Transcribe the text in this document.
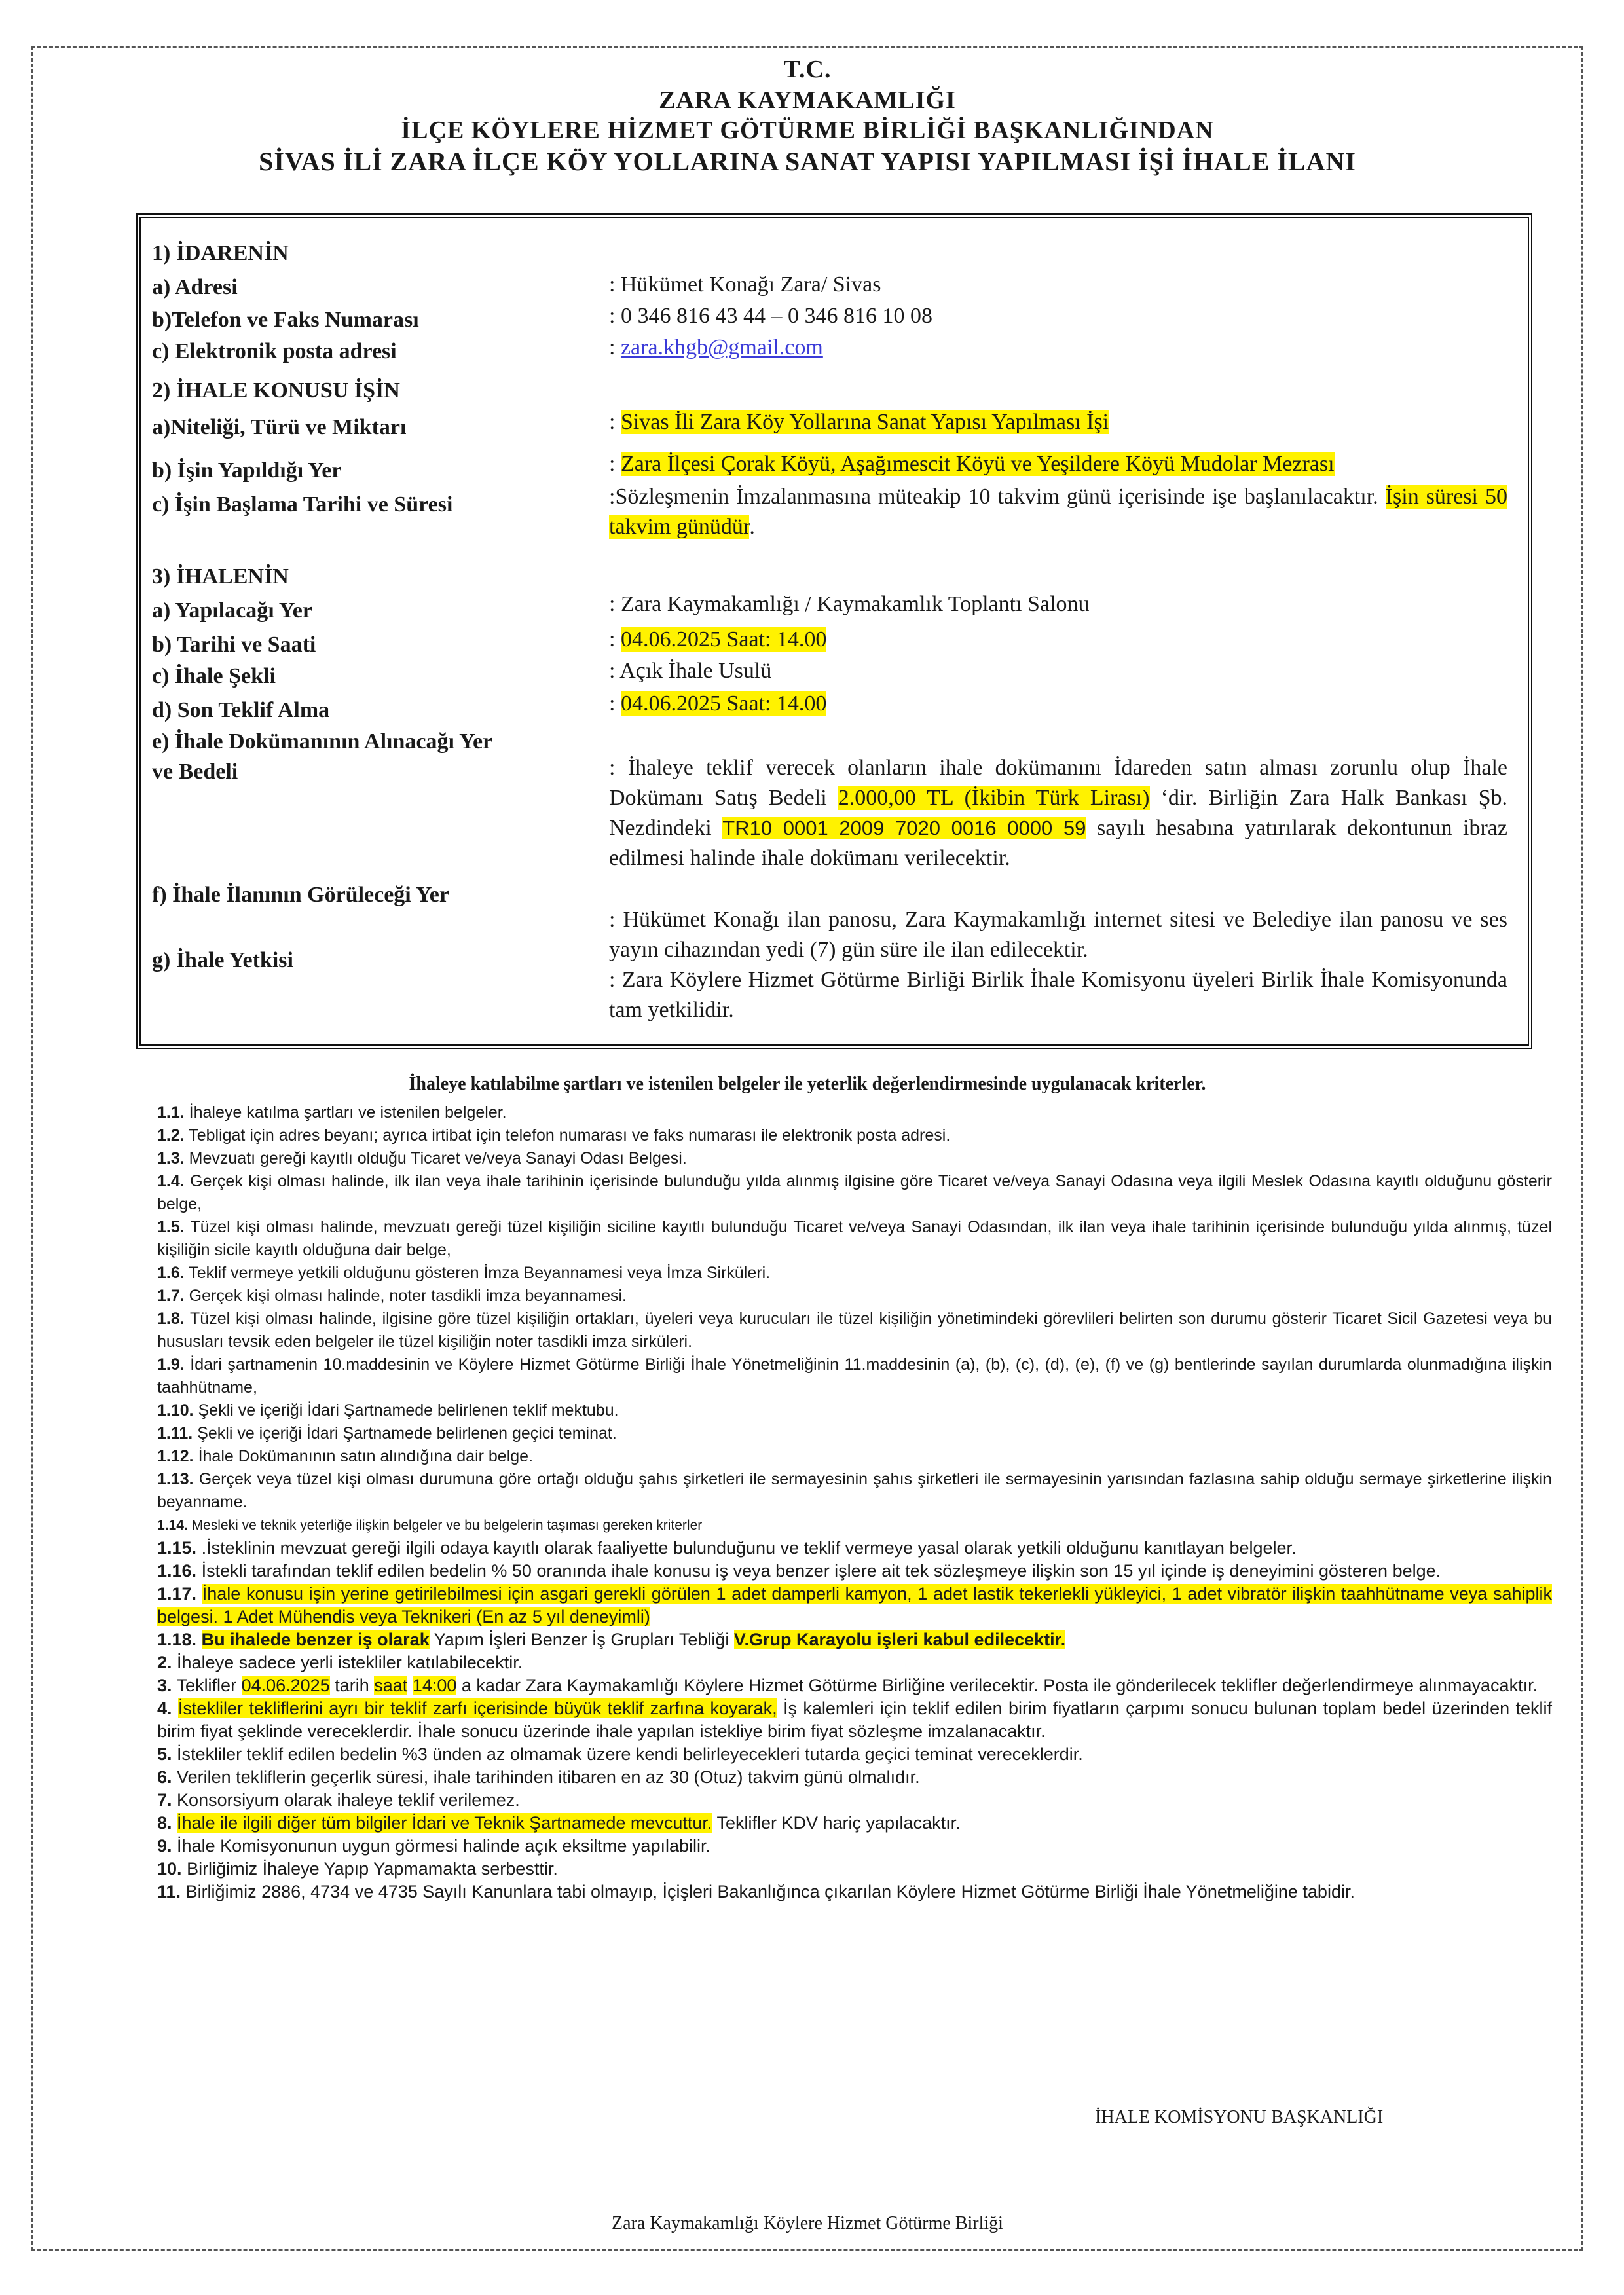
T.C.
ZARA KAYMAKAMLIĞI
İLÇE KÖYLERE HİZMET GÖTÜRME BİRLİĞİ BAŞKANLIĞINDAN
SİVAS İLİ ZARA İLÇE KÖY YOLLARINA SANAT YAPISI YAPILMASI İŞİ İHALE İLANI
1) İDARENİN
a) Adresi	: Hükümet Konağı Zara/ Sivas
b)Telefon ve Faks Numarası	: 0 346 816 43 44 – 0 346 816 10 08
c) Elektronik posta adresi	: zara.khgb@gmail.com
2) İHALE KONUSU İŞİN
a)Niteliği, Türü ve Miktarı	: Sivas İli Zara Köy Yollarına Sanat Yapısı Yapılması İşi
b) İşin Yapıldığı Yer	: Zara İlçesi Çorak Köyü, Aşağımescit Köyü ve Yeşildere Köyü Mudolar Mezrası
c) İşin Başlama Tarihi ve Süresi	:Sözleşmenin İmzalanmasına müteakip 10 takvim günü içerisinde işe başlanılacaktır. İşin süresi 50 takvim günüdür.
3) İHALENİN
a) Yapılacağı Yer	: Zara Kaymakamlığı / Kaymakamlık Toplantı Salonu
b) Tarihi ve Saati	: 04.06.2025 Saat: 14.00
c) İhale Şekli	: Açık İhale Usulü
d) Son Teklif Alma	: 04.06.2025 Saat: 14.00
e) İhale Dokümanının Alınacağı Yer
ve Bedeli	: İhaleye teklif verecek olanların ihale dokümanını İdareden satın alması zorunlu olup İhale Dokümanı Satış Bedeli 2.000,00 TL (İkibin Türk Lirası) ‘dir. Birliğin Zara Halk Bankası Şb. Nezdindeki TR10 0001 2009 7020 0016 0000 59 sayılı hesabına yatırılarak dekontunun ibraz edilmesi halinde ihale dokümanı verilecektir.
f) İhale İlanının Görüleceği Yer
: Hükümet Konağı ilan panosu, Zara Kaymakamlığı internet sitesi ve Belediye ilan panosu ve ses yayın cihazından yedi (7) gün süre ile ilan edilecektir.
g) İhale Yetkisi
: Zara Köylere Hizmet Götürme Birliği Birlik İhale Komisyonu üyeleri Birlik İhale Komisyonunda tam yetkilidir.
İhaleye katılabilme şartları ve istenilen belgeler ile yeterlik değerlendirmesinde uygulanacak kriterler.

1.1. İhaleye katılma şartları ve istenilen belgeler.

1.2. Tebligat için adres beyanı; ayrıca irtibat için telefon numarası ve faks numarası ile elektronik posta adresi.

1.3. Mevzuatı gereği kayıtlı olduğu Ticaret ve/veya Sanayi Odası Belgesi.

1.4. Gerçek kişi olması halinde, ilk ilan veya ihale tarihinin içerisinde bulunduğu yılda alınmış ilgisine göre Ticaret ve/veya Sanayi Odasına veya ilgili Meslek Odasına kayıtlı olduğunu gösterir belge,

1.5. Tüzel kişi olması halinde, mevzuatı gereği tüzel kişiliğin siciline kayıtlı bulunduğu Ticaret ve/veya Sanayi Odasından, ilk ilan veya ihale tarihinin içerisinde bulunduğu yılda alınmış, tüzel kişiliğin sicile kayıtlı olduğuna dair belge,

1.6. Teklif vermeye yetkili olduğunu gösteren İmza Beyannamesi veya İmza Sirküleri.

1.7. Gerçek kişi olması halinde, noter tasdikli imza beyannamesi.

1.8. Tüzel kişi olması halinde, ilgisine göre tüzel kişiliğin ortakları, üyeleri veya kurucuları ile tüzel kişiliğin yönetimindeki görevlileri belirten son durumu gösterir Ticaret Sicil Gazetesi veya bu hususları tevsik eden belgeler ile tüzel kişiliğin noter tasdikli imza sirküleri.

1.9. İdari şartnamenin 10.maddesinin ve Köylere Hizmet Götürme Birliği İhale Yönetmeliğinin 11.maddesinin (a), (b), (c), (d), (e), (f) ve (g) bentlerinde sayılan durumlarda olunmadığına ilişkin taahhütname,

1.10. Şekli ve içeriği İdari Şartnamede belirlenen teklif mektubu.

1.11. Şekli ve içeriği İdari Şartnamede belirlenen geçici teminat.

1.12. İhale Dokümanının satın alındığına dair belge.

1.13. Gerçek veya tüzel kişi olması durumuna göre ortağı olduğu şahıs şirketleri ile sermayesinin şahıs şirketleri ile sermayesinin yarısından fazlasına sahip olduğu sermaye şirketlerine ilişkin beyanname.

1.14. Mesleki ve teknik yeterliğe ilişkin belgeler ve bu belgelerin taşıması gereken kriterler

1.15. .İsteklinin mevzuat gereği ilgili odaya kayıtlı olarak faaliyette bulunduğunu ve teklif vermeye yasal olarak yetkili olduğunu kanıtlayan belgeler.

1.16. İstekli tarafından teklif edilen bedelin % 50 oranında ihale konusu iş veya benzer işlere ait tek sözleşmeye ilişkin son 15 yıl içinde iş deneyimini gösteren belge.

1.17. İhale konusu işin yerine getirilebilmesi için asgari gerekli görülen 1 adet damperli kamyon, 1 adet lastik tekerlekli yükleyici, 1 adet vibratör ilişkin taahhütname veya sahiplik belgesi. 1 Adet Mühendis veya Teknikeri (En az 5 yıl deneyimli)

1.18. Bu ihalede benzer iş olarak Yapım İşleri Benzer İş Grupları Tebliği V.Grup Karayolu işleri kabul edilecektir.

2. İhaleye sadece yerli istekliler katılabilecektir.

3. Teklifler 04.06.2025 tarih saat 14:00 a kadar Zara Kaymakamlığı Köylere Hizmet Götürme Birliğine verilecektir. Posta ile gönderilecek teklifler değerlendirmeye alınmayacaktır.

4. İstekliler tekliflerini ayrı bir teklif zarfı içerisinde büyük teklif zarfına koyarak, İş kalemleri için teklif edilen birim fiyatların çarpımı sonucu bulunan toplam bedel üzerinden teklif birim fiyat şeklinde vereceklerdir. İhale sonucu üzerinde ihale yapılan istekliye birim fiyat sözleşme imzalanacaktır.

5. İstekliler teklif edilen bedelin %3 ünden az olmamak üzere kendi belirleyecekleri tutarda geçici teminat vereceklerdir.

6. Verilen tekliflerin geçerlik süresi, ihale tarihinden itibaren en az 30 (Otuz) takvim günü olmalıdır.

7. Konsorsiyum olarak ihaleye teklif verilemez.

8. İhale ile ilgili diğer tüm bilgiler İdari ve Teknik Şartnamede mevcuttur. Teklifler KDV hariç yapılacaktır.

9. İhale Komisyonunun uygun görmesi halinde açık eksiltme yapılabilir.

10. Birliğimiz İhaleye Yapıp Yapmamakta serbesttir.

11. Birliğimiz 2886, 4734 ve 4735 Sayılı Kanunlara tabi olmayıp, İçişleri Bakanlığınca çıkarılan Köylere Hizmet Götürme Birliği İhale Yönetmeliğine tabidir.

İHALE KOMİSYONU BAŞKANLIĞI
Zara Kaymakamlığı Köylere Hizmet Götürme Birliği
